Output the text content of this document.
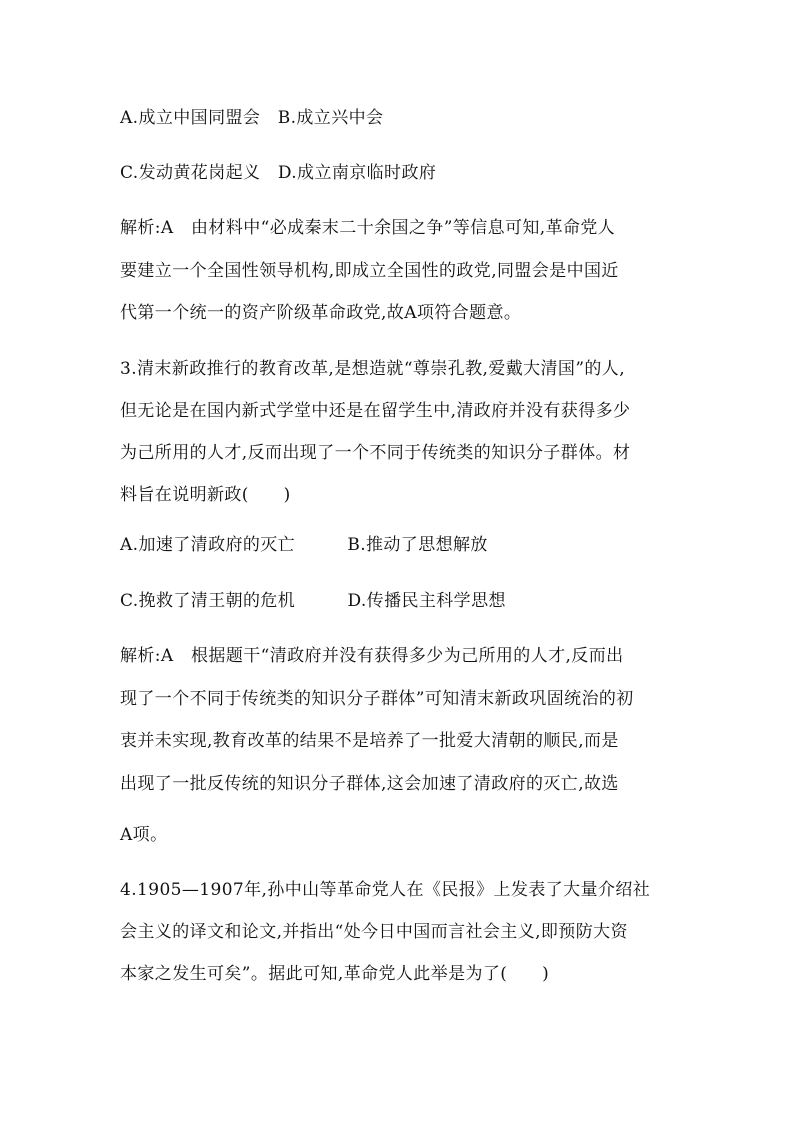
A.成立中国同盟会   B.成立兴中会
C.发动黄花岗起义   D.成立南京临时政府
解析:A   由材料中“必成秦末二十余国之争”等信息可知,革命党人
要建立一个全国性领导机构,即成立全国性的政党,同盟会是中国近
代第一个统一的资产阶级革命政党,故A项符合题意。
3.清末新政推行的教育改革,是想造就“尊崇孔教,爱戴大清国”的人,
但无论是在国内新式学堂中还是在留学生中,清政府并没有获得多少
为己所用的人才,反而出现了一个不同于传统类的知识分子群体。材
料旨在说明新政(      )
A.加速了清政府的灭亡         B.推动了思想解放
C.挽救了清王朝的危机         D.传播民主科学思想
解析:A   根据题干“清政府并没有获得多少为己所用的人才,反而出
现了一个不同于传统类的知识分子群体”可知清末新政巩固统治的初
衷并未实现,教育改革的结果不是培养了一批爱大清朝的顺民,而是
出现了一批反传统的知识分子群体,这会加速了清政府的灭亡,故选
A项。
4.1905—1907年,孙中山等革命党人在《民报》上发表了大量介绍社
会主义的译文和论文,并指出“处今日中国而言社会主义,即预防大资
本家之发生可矣”。据此可知,革命党人此举是为了(      )
